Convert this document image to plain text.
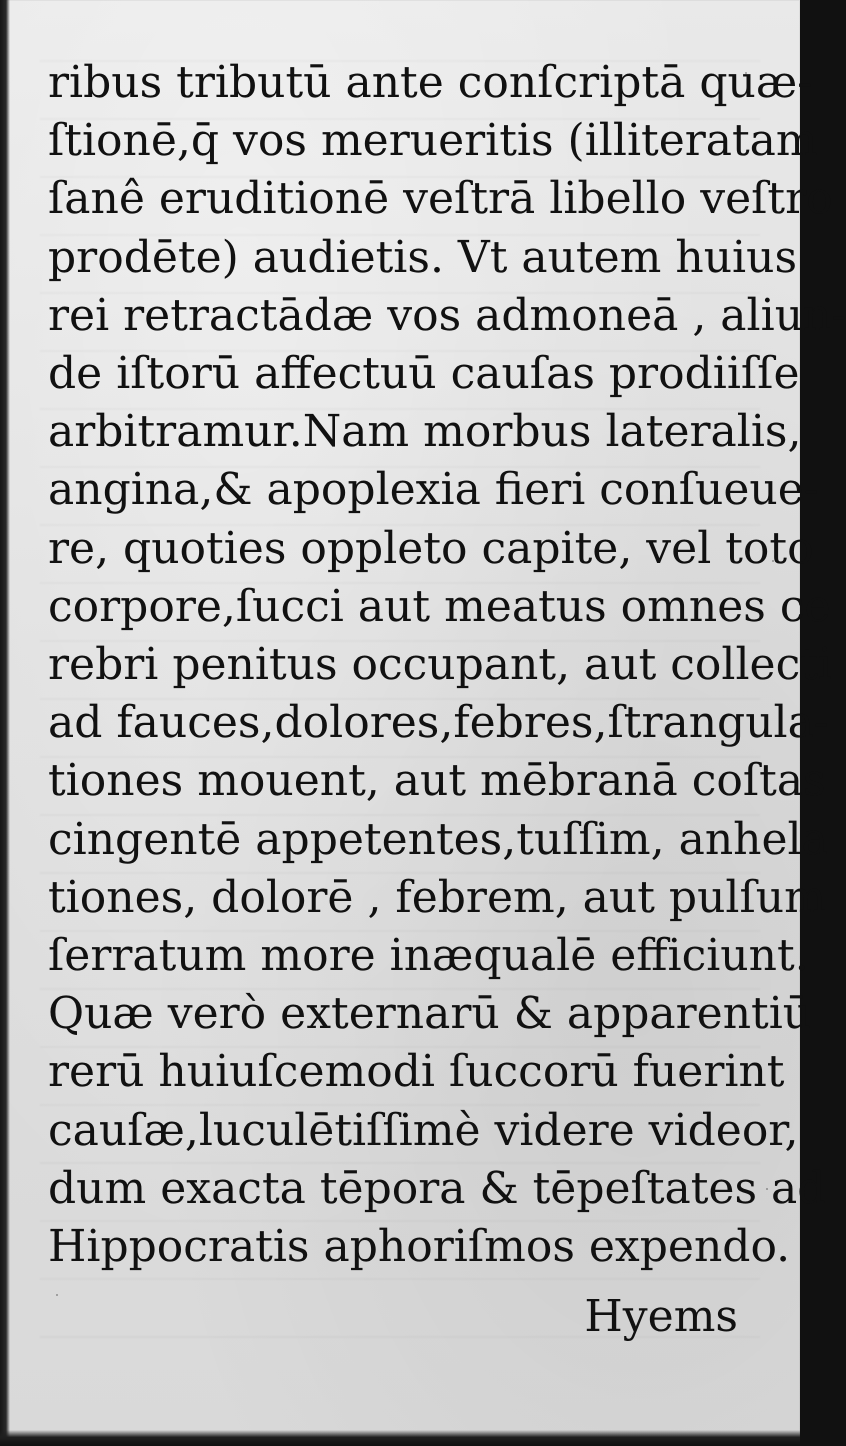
ribus tributū ante conſcriptā quæ-
ſtionē,q̄ vos merueritis (illiteratam
ſanê eruditionē veſtrā libello veſtro
prodēte) audietis. Vt autem huius
rei retractādæ vos admoneā , aliun-
de iſtorū affectuū cauſas prodiiſſe
arbitramur.Nam morbus lateralis,
angina,& apoplexia fieri conſueue-
re, quoties oppleto capite, vel toto
corpore,ſucci aut meatus omnes ce
rebri penitus occupant, aut collecti
ad fauces,dolores,febres,ſtrangula-
tiones mouent, aut mēbranā coſtas
cingentē appetentes,tuſſim, anhela
tiones, dolorē , febrem, aut pulſum
ſerratum more inæqualē efficiunt.
Quæ verò externarū & apparentiū
rerū huiuſcemodi ſuccorū fuerint
cauſæ,luculētiſſimè videre videor,
dum exacta tēpora & tēpeſtates ad
Hippocratis aphoriſmos expendo.
Hyems
